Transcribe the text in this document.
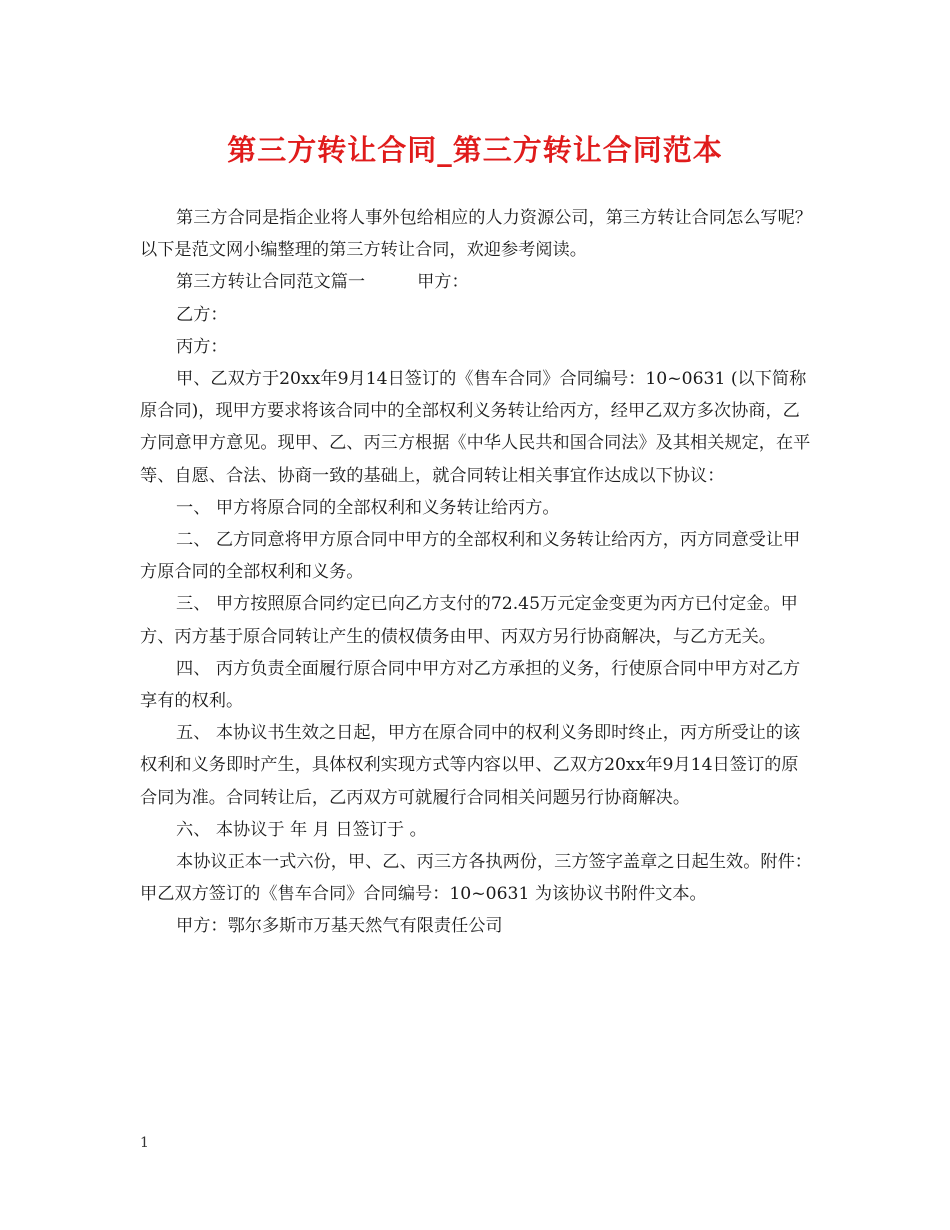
第三方转让合同_第三方转让合同范本

第三方合同是指企业将人事外包给相应的人力资源公司，第三方转让合同怎么写呢？以下是范文网小编整理的第三方转让合同，欢迎参考阅读。

第三方转让合同范文篇一	甲方：

乙方：

丙方：

甲、乙双方于20xx年9月14日签订的《售车合同》合同编号：10~0631 (以下简称原合同)，现甲方要求将该合同中的全部权利义务转让给丙方，经甲乙双方多次协商，乙方同意甲方意见。现甲、乙、丙三方根据《中华人民共和国合同法》及其相关规定，在平等、自愿、合法、协商一致的基础上，就合同转让相关事宜作达成以下协议：

一、 甲方将原合同的全部权利和义务转让给丙方。

二、 乙方同意将甲方原合同中甲方的全部权利和义务转让给丙方，丙方同意受让甲方原合同的全部权利和义务。

三、 甲方按照原合同约定已向乙方支付的72.45万元定金变更为丙方已付定金。甲方、丙方基于原合同转让产生的债权债务由甲、丙双方另行协商解决，与乙方无关。

四、 丙方负责全面履行原合同中甲方对乙方承担的义务，行使原合同中甲方对乙方享有的权利。

五、 本协议书生效之日起，甲方在原合同中的权利义务即时终止，丙方所受让的该权利和义务即时产生，具体权利实现方式等内容以甲、乙双方20xx年9月14日签订的原合同为准。合同转让后，乙丙双方可就履行合同相关问题另行协商解决。

六、 本协议于 年 月 日签订于 。

本协议正本一式六份，甲、乙、丙三方各执两份，三方签字盖章之日起生效。附件：甲乙双方签订的《售车合同》合同编号：10~0631 为该协议书附件文本。

甲方：鄂尔多斯市万基天然气有限责任公司

1
